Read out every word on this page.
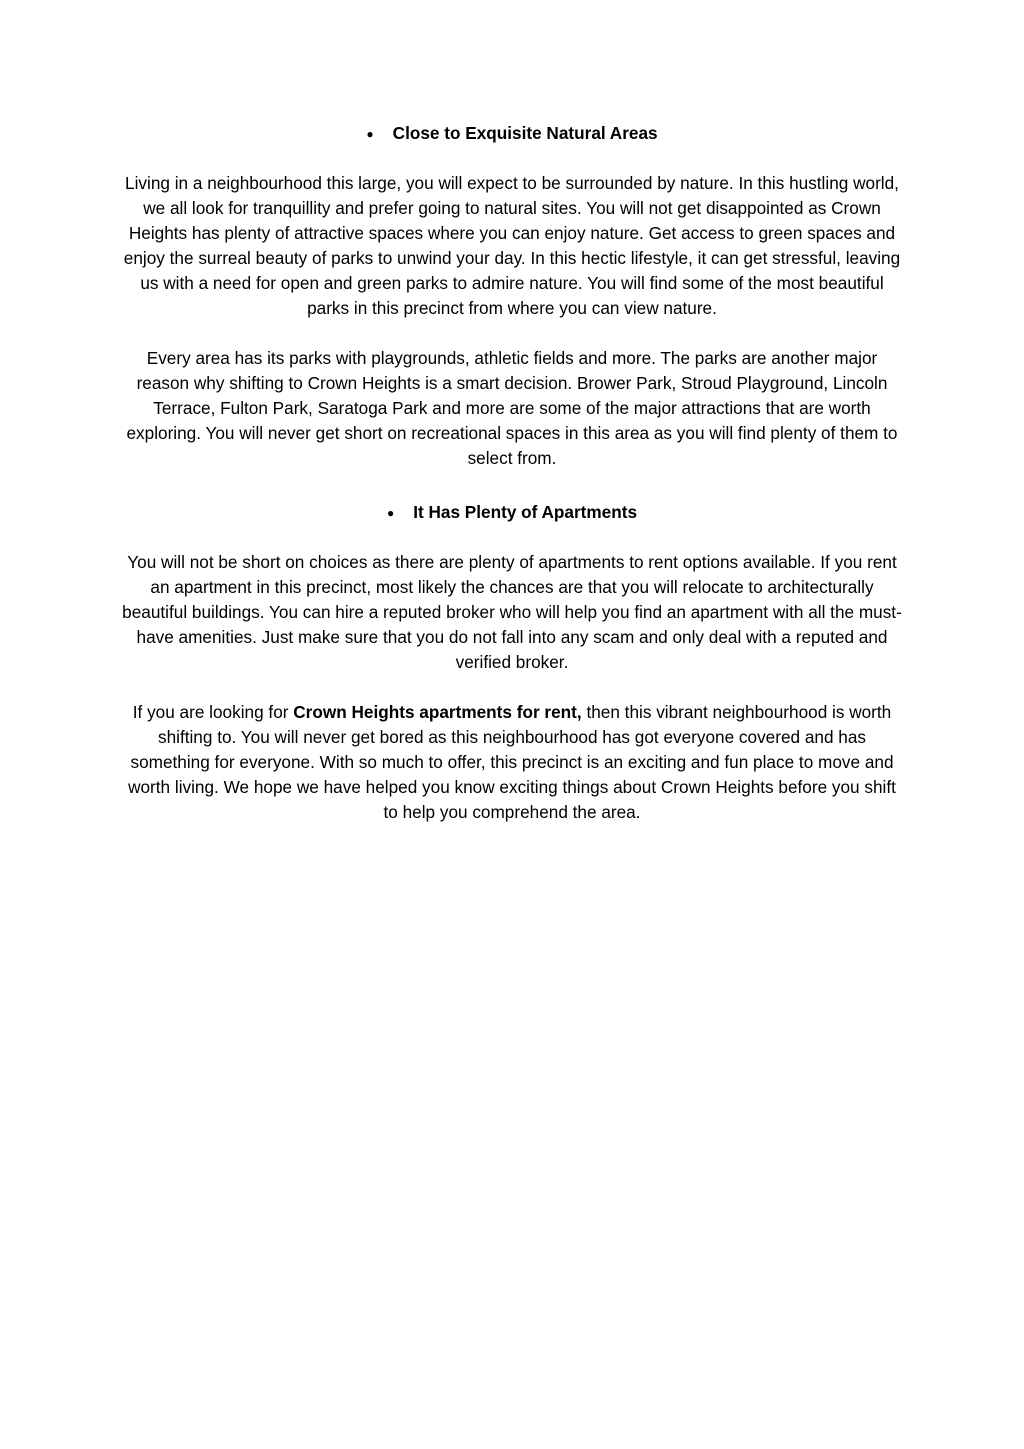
● Close to Exquisite Natural Areas

Living in a neighbourhood this large, you will expect to be surrounded by nature. In this hustling world, we all look for tranquillity and prefer going to natural sites. You will not get disappointed as Crown Heights has plenty of attractive spaces where you can enjoy nature. Get access to green spaces and enjoy the surreal beauty of parks to unwind your day. In this hectic lifestyle, it can get stressful, leaving us with a need for open and green parks to admire nature. You will find some of the most beautiful parks in this precinct from where you can view nature.

Every area has its parks with playgrounds, athletic fields and more. The parks are another major reason why shifting to Crown Heights is a smart decision. Brower Park, Stroud Playground, Lincoln Terrace, Fulton Park, Saratoga Park and more are some of the major attractions that are worth exploring. You will never get short on recreational spaces in this area as you will find plenty of them to select from.

● It Has Plenty of Apartments

You will not be short on choices as there are plenty of apartments to rent options available. If you rent an apartment in this precinct, most likely the chances are that you will relocate to architecturally beautiful buildings. You can hire a reputed broker who will help you find an apartment with all the must-have amenities. Just make sure that you do not fall into any scam and only deal with a reputed and verified broker.

If you are looking for Crown Heights apartments for rent, then this vibrant neighbourhood is worth shifting to. You will never get bored as this neighbourhood has got everyone covered and has something for everyone. With so much to offer, this precinct is an exciting and fun place to move and worth living. We hope we have helped you know exciting things about Crown Heights before you shift to help you comprehend the area.
